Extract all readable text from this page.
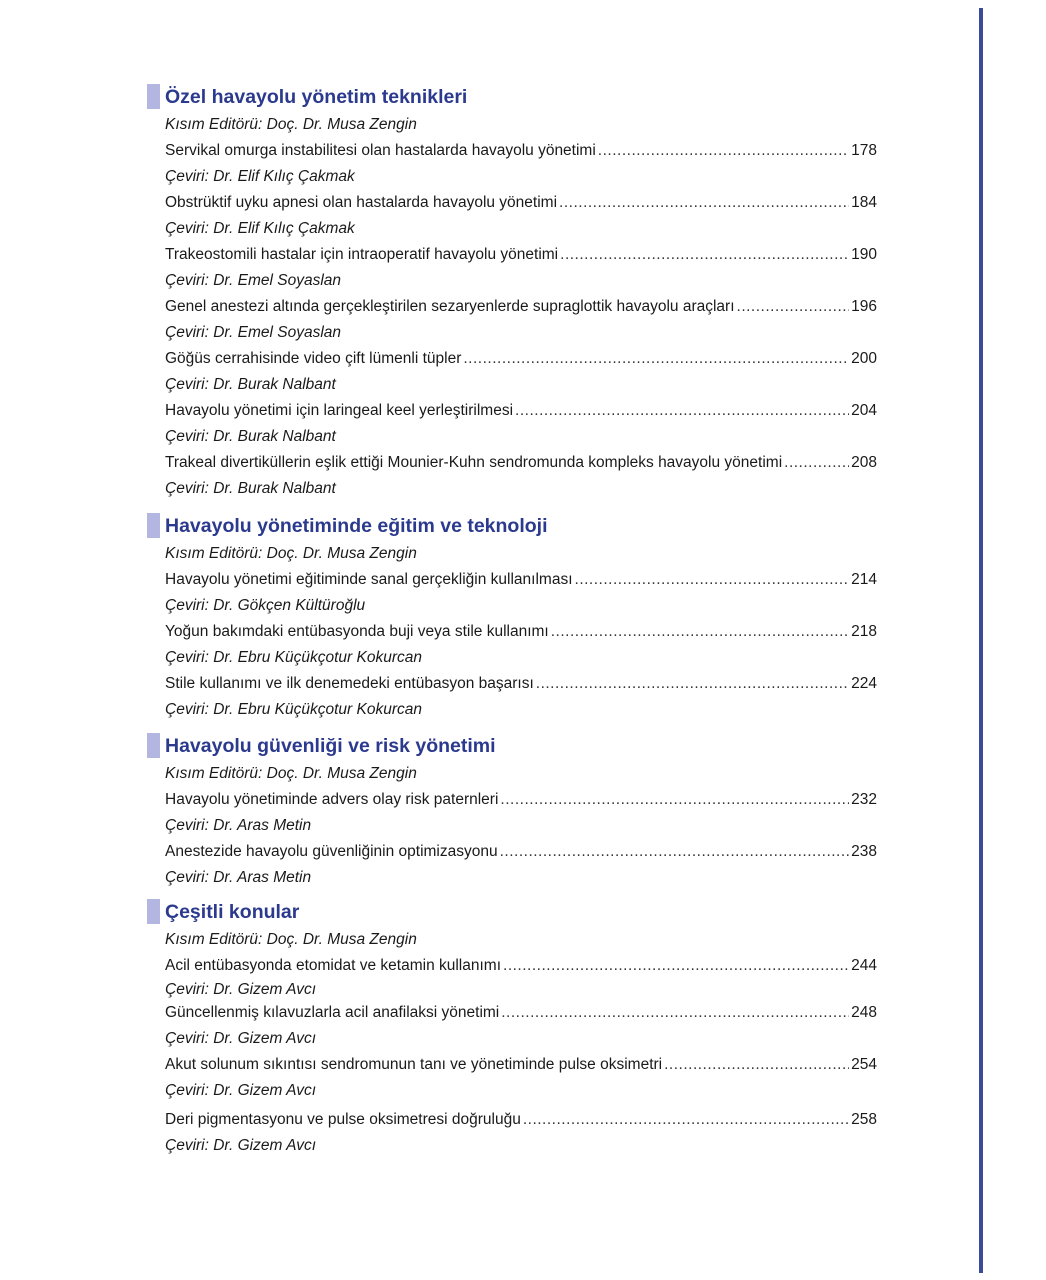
Özel havayolu yönetim teknikleri
Kısım Editörü: Doç. Dr. Musa Zengin
Servikal omurga instabilitesi olan hastalarda havayolu yönetimi .....	178
Çeviri: Dr. Elif Kılıç Çakmak
Obstrüktif uyku apnesi olan hastalarda havayolu yönetimi .....	184
Çeviri: Dr. Elif Kılıç Çakmak
Trakeostomili hastalar için intraoperatif havayolu yönetimi .....	190
Çeviri: Dr. Emel Soyaslan
Genel anestezi altında gerçekleştirilen sezaryenlerde supraglottik havayolu araçları .....	196
Çeviri: Dr. Emel Soyaslan
Göğüs cerrahisinde video çift lümenli tüpler .....	200
Çeviri: Dr. Burak Nalbant
Havayolu yönetimi için laringeal keel yerleştirilmesi .....	204
Çeviri: Dr. Burak Nalbant
Trakeal divertiküllerin eşlik ettiği Mounier-Kuhn sendromunda kompleks havayolu yönetimi .....	208
Çeviri: Dr. Burak Nalbant
Havayolu yönetiminde eğitim ve teknoloji
Kısım Editörü: Doç. Dr. Musa Zengin
Havayolu yönetimi eğitiminde sanal gerçekliğin kullanılması .....	214
Çeviri: Dr. Gökçen Kültüroğlu
Yoğun bakımdaki entübasyonda buji veya stile kullanımı .....	218
Çeviri: Dr. Ebru Küçükçotur Kokurcan
Stile kullanımı ve ilk denemedeki entübasyon başarısı .....	224
Çeviri: Dr. Ebru Küçükçotur Kokurcan
Havayolu güvenliği ve risk yönetimi
Kısım Editörü: Doç. Dr. Musa Zengin
Havayolu yönetiminde advers olay risk paternleri .....	232
Çeviri: Dr. Aras Metin
Anestezide havayolu güvenliğinin optimizasyonu .....	238
Çeviri: Dr. Aras Metin
Çeşitli konular
Kısım Editörü: Doç. Dr. Musa Zengin
Acil entübasyonda etomidat ve ketamin kullanımı .....	244
Çeviri: Dr. Gizem Avcı
Güncellenmiş kılavuzlarla acil anafilaksi yönetimi .....	248
Çeviri: Dr. Gizem Avcı
Akut solunum sıkıntısı sendromunun tanı ve yönetiminde pulse oksimetri .....	254
Çeviri: Dr. Gizem Avcı
Deri pigmentasyonu ve pulse oksimetresi doğruluğu .....	258
Çeviri: Dr. Gizem Avcı
